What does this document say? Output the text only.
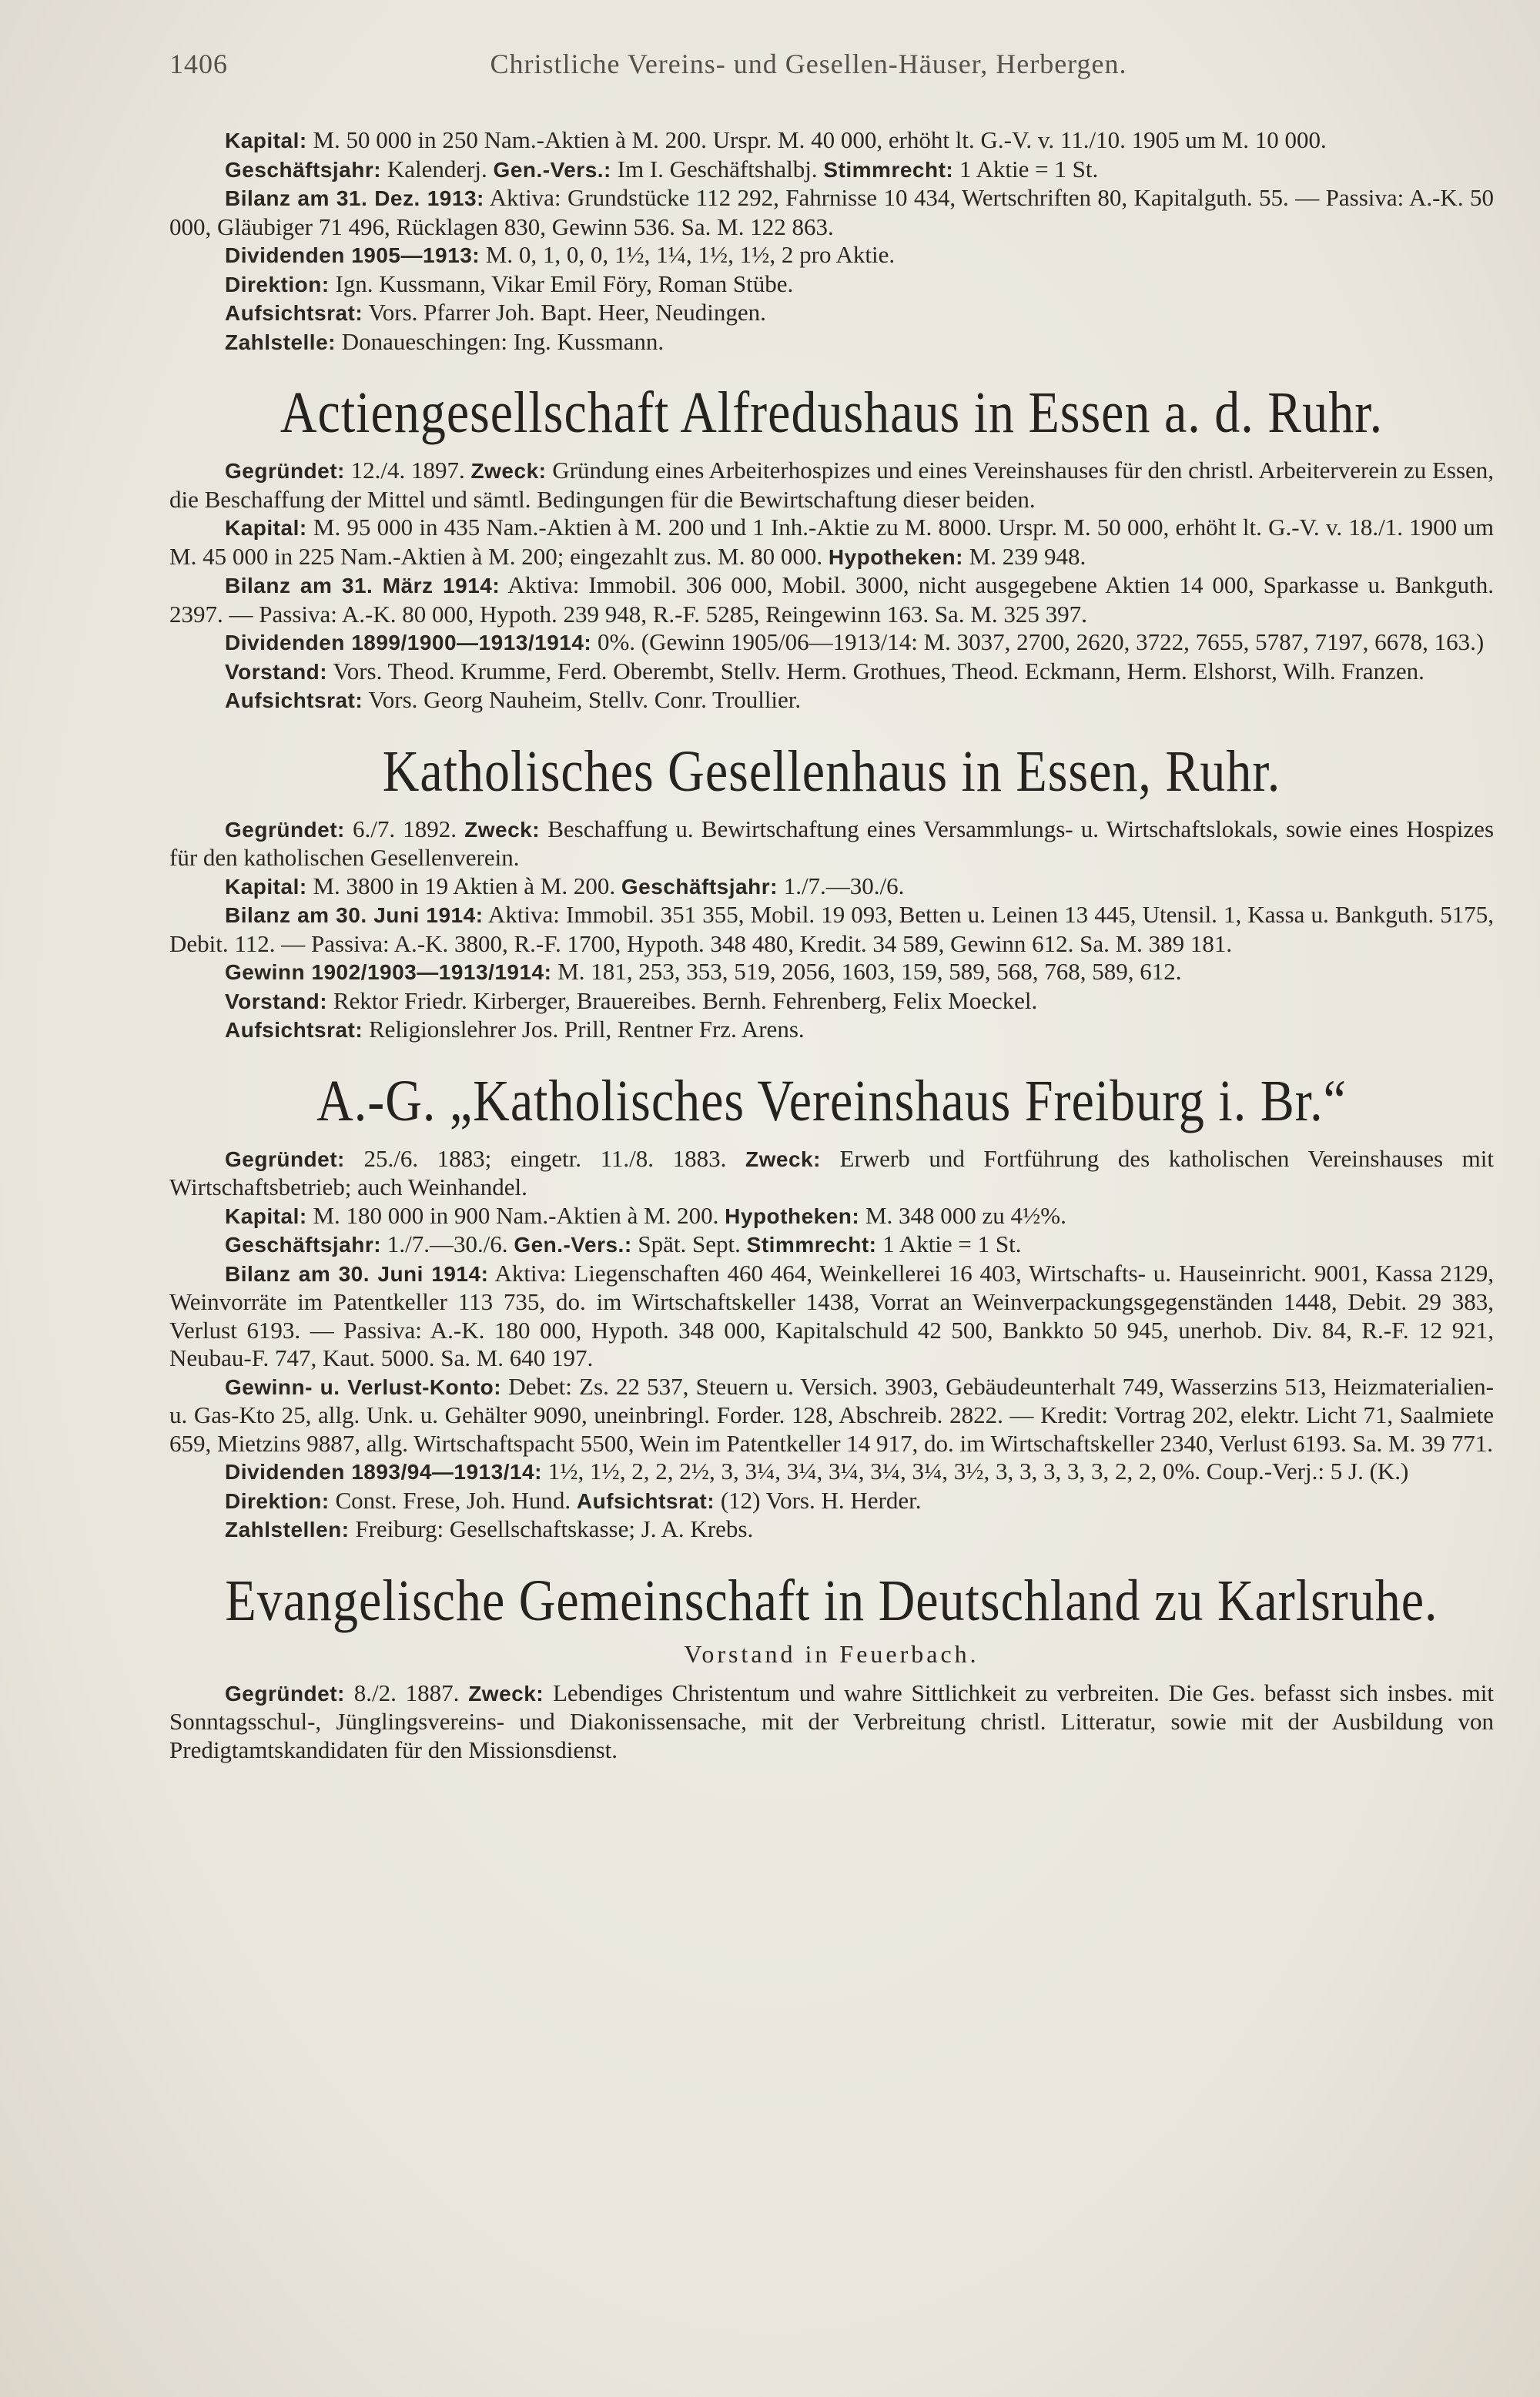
1406	Christliche Vereins- und Gesellen-Häuser, Herbergen.

Kapital: M. 50 000 in 250 Nam.-Aktien à M. 200. Urspr. M. 40 000, erhöht lt. G.-V. v. 11./10. 1905 um M. 10 000.

Geschäftsjahr: Kalenderj. Gen.-Vers.: Im I. Geschäftshalbj. Stimmrecht: 1 Aktie = 1 St.

Bilanz am 31. Dez. 1913: Aktiva: Grundstücke 112 292, Fahrnisse 10 434, Wertschriften 80, Kapitalguth. 55. — Passiva: A.-K. 50 000, Gläubiger 71 496, Rücklagen 830, Gewinn 536. Sa. M. 122 863.

Dividenden 1905—1913: M. 0, 1, 0, 0, 1½, 1¼, 1½, 1½, 2 pro Aktie.

Direktion: Ign. Kussmann, Vikar Emil Föry, Roman Stübe.

Aufsichtsrat: Vors. Pfarrer Joh. Bapt. Heer, Neudingen.

Zahlstelle: Donaueschingen: Ing. Kussmann.

Actiengesellschaft Alfredushaus in Essen a. d. Ruhr.

Gegründet: 12./4. 1897. Zweck: Gründung eines Arbeiterhospizes und eines Vereinshauses für den christl. Arbeiterverein zu Essen, die Beschaffung der Mittel und sämtl. Bedingungen für die Bewirtschaftung dieser beiden.

Kapital: M. 95 000 in 435 Nam.-Aktien à M. 200 und 1 Inh.-Aktie zu M. 8000. Urspr. M. 50 000, erhöht lt. G.-V. v. 18./1. 1900 um M. 45 000 in 225 Nam.-Aktien à M. 200; eingezahlt zus. M. 80 000. Hypotheken: M. 239 948.

Bilanz am 31. März 1914: Aktiva: Immobil. 306 000, Mobil. 3000, nicht ausgegebene Aktien 14 000, Sparkasse u. Bankguth. 2397. — Passiva: A.-K. 80 000, Hypoth. 239 948, R.-F. 5285, Reingewinn 163. Sa. M. 325 397.

Dividenden 1899/1900—1913/1914: 0%. (Gewinn 1905/06—1913/14: M. 3037, 2700, 2620, 3722, 7655, 5787, 7197, 6678, 163.)

Vorstand: Vors. Theod. Krumme, Ferd. Oberembt, Stellv. Herm. Grothues, Theod. Eckmann, Herm. Elshorst, Wilh. Franzen.

Aufsichtsrat: Vors. Georg Nauheim, Stellv. Conr. Troullier.

Katholisches Gesellenhaus in Essen, Ruhr.

Gegründet: 6./7. 1892. Zweck: Beschaffung u. Bewirtschaftung eines Versammlungs- u. Wirtschaftslokals, sowie eines Hospizes für den katholischen Gesellenverein.

Kapital: M. 3800 in 19 Aktien à M. 200. Geschäftsjahr: 1./7.—30./6.

Bilanz am 30. Juni 1914: Aktiva: Immobil. 351 355, Mobil. 19 093, Betten u. Leinen 13 445, Utensil. 1, Kassa u. Bankguth. 5175, Debit. 112. — Passiva: A.-K. 3800, R.-F. 1700, Hypoth. 348 480, Kredit. 34 589, Gewinn 612. Sa. M. 389 181.

Gewinn 1902/1903—1913/1914: M. 181, 253, 353, 519, 2056, 1603, 159, 589, 568, 768, 589, 612.

Vorstand: Rektor Friedr. Kirberger, Brauereibes. Bernh. Fehrenberg, Felix Moeckel.

Aufsichtsrat: Religionslehrer Jos. Prill, Rentner Frz. Arens.

A.-G. „Katholisches Vereinshaus Freiburg i. Br.“

Gegründet: 25./6. 1883; eingetr. 11./8. 1883. Zweck: Erwerb und Fortführung des katholischen Vereinshauses mit Wirtschaftsbetrieb; auch Weinhandel.

Kapital: M. 180 000 in 900 Nam.-Aktien à M. 200. Hypotheken: M. 348 000 zu 4½%.

Geschäftsjahr: 1./7.—30./6. Gen.-Vers.: Spät. Sept. Stimmrecht: 1 Aktie = 1 St.

Bilanz am 30. Juni 1914: Aktiva: Liegenschaften 460 464, Weinkellerei 16 403, Wirtschafts- u. Hauseinricht. 9001, Kassa 2129, Weinvorräte im Patentkeller 113 735, do. im Wirtschaftskeller 1438, Vorrat an Weinverpackungsgegenständen 1448, Debit. 29 383, Verlust 6193. — Passiva: A.-K. 180 000, Hypoth. 348 000, Kapitalschuld 42 500, Bankkto 50 945, unerhob. Div. 84, R.-F. 12 921, Neubau-F. 747, Kaut. 5000. Sa. M. 640 197.

Gewinn- u. Verlust-Konto: Debet: Zs. 22 537, Steuern u. Versich. 3903, Gebäudeunterhalt 749, Wasserzins 513, Heizmaterialien- u. Gas-Kto 25, allg. Unk. u. Gehälter 9090, uneinbringl. Forder. 128, Abschreib. 2822. — Kredit: Vortrag 202, elektr. Licht 71, Saalmiete 659, Mietzins 9887, allg. Wirtschaftspacht 5500, Wein im Patentkeller 14 917, do. im Wirtschaftskeller 2340, Verlust 6193. Sa. M. 39 771.

Dividenden 1893/94—1913/14: 1½, 1½, 2, 2, 2½, 3, 3¼, 3¼, 3¼, 3¼, 3¼, 3½, 3, 3, 3, 3, 3, 2, 2, 0%. Coup.-Verj.: 5 J. (K.)

Direktion: Const. Frese, Joh. Hund. Aufsichtsrat: (12) Vors. H. Herder.

Zahlstellen: Freiburg: Gesellschaftskasse; J. A. Krebs.

Evangelische Gemeinschaft in Deutschland zu Karlsruhe.
Vorstand in Feuerbach.

Gegründet: 8./2. 1887. Zweck: Lebendiges Christentum und wahre Sittlichkeit zu verbreiten. Die Ges. befasst sich insbes. mit Sonntagsschul-, Jünglingsvereins- und Diakonissensache, mit der Verbreitung christl. Litteratur, sowie mit der Ausbildung von Predigtamtskandidaten für den Missionsdienst.
